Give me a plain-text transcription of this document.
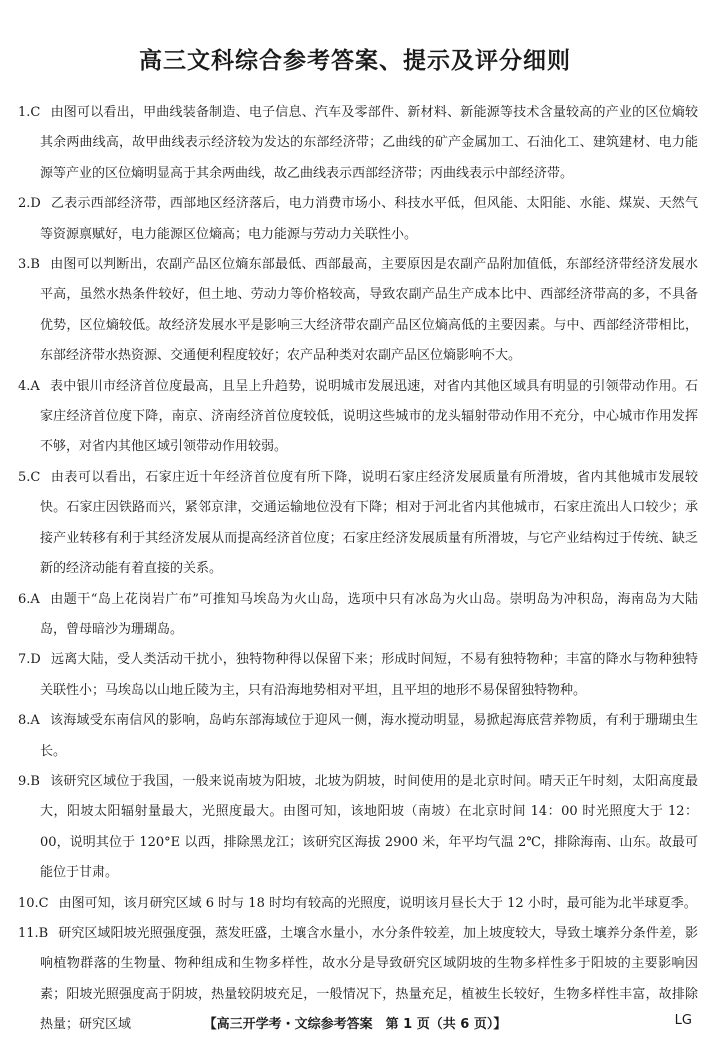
高三文科综合参考答案、提示及评分细则
1.C 由图可以看出，甲曲线装备制造、电子信息、汽车及零部件、新材料、新能源等技术含量较高的产业的区位熵较其余两曲线高，故甲曲线表示经济较为发达的东部经济带；乙曲线的矿产金属加工、石油化工、建筑建材、电力能源等产业的区位熵明显高于其余两曲线，故乙曲线表示西部经济带；丙曲线表示中部经济带。
2.D 乙表示西部经济带，西部地区经济落后，电力消费市场小、科技水平低，但风能、太阳能、水能、煤炭、天然气等资源禀赋好，电力能源区位熵高；电力能源与劳动力关联性小。
3.B 由图可以判断出，农副产品区位熵东部最低、西部最高，主要原因是农副产品附加值低，东部经济带经济发展水平高，虽然水热条件较好，但土地、劳动力等价格较高，导致农副产品生产成本比中、西部经济带高的多，不具备优势，区位熵较低。故经济发展水平是影响三大经济带农副产品区位熵高低的主要因素。与中、西部经济带相比，东部经济带水热资源、交通便利程度较好；农产品种类对农副产品区位熵影响不大。
4.A 表中银川市经济首位度最高，且呈上升趋势，说明城市发展迅速，对省内其他区域具有明显的引领带动作用。石家庄经济首位度下降，南京、济南经济首位度较低，说明这些城市的龙头辐射带动作用不充分，中心城市作用发挥不够，对省内其他区域引领带动作用较弱。
5.C 由表可以看出，石家庄近十年经济首位度有所下降，说明石家庄经济发展质量有所滑坡，省内其他城市发展较快。石家庄因铁路而兴，紧邻京津，交通运输地位没有下降；相对于河北省内其他城市，石家庄流出人口较少；承接产业转移有利于其经济发展从而提高经济首位度；石家庄经济发展质量有所滑坡，与它产业结构过于传统、缺乏新的经济动能有着直接的关系。
6.A 由题干“岛上花岗岩广布”可推知马埃岛为火山岛，选项中只有冰岛为火山岛。崇明岛为冲积岛，海南岛为大陆岛，曾母暗沙为珊瑚岛。
7.D 远离大陆，受人类活动干扰小，独特物种得以保留下来；形成时间短，不易有独特物种；丰富的降水与物种独特关联性小；马埃岛以山地丘陵为主，只有沿海地势相对平坦，且平坦的地形不易保留独特物种。
8.A 该海域受东南信风的影响，岛屿东部海域位于迎风一侧，海水搅动明显，易掀起海底营养物质，有利于珊瑚虫生长。
9.B 该研究区域位于我国，一般来说南坡为阳坡，北坡为阴坡，时间使用的是北京时间。晴天正午时刻，太阳高度最大，阳坡太阳辐射量最大，光照度最大。由图可知，该地阳坡（南坡）在北京时间 14：00 时光照度大于 12：00，说明其位于 120°E 以西，排除黑龙江；该研究区海拔 2900 米，年平均气温 2℃，排除海南、山东。故最可能位于甘肃。
10.C 由图可知，该月研究区域 6 时与 18 时均有较高的光照度，说明该月昼长大于 12 小时，最可能为北半球夏季。
11.B 研究区域阳坡光照强度强，蒸发旺盛，土壤含水量小，水分条件较差，加上坡度较大，导致土壤养分条件差，影响植物群落的生物量、物种组成和生物多样性，故水分是导致研究区域阴坡的生物多样性多于阳坡的主要影响因素；阳坡光照强度高于阴坡，热量较阴坡充足，一般情况下，热量充足，植被生长较好，生物多样性丰富，故排除热量；研究区域	【高三开学考・文综参考答案　第 1 页（共 6 页）】	LG
